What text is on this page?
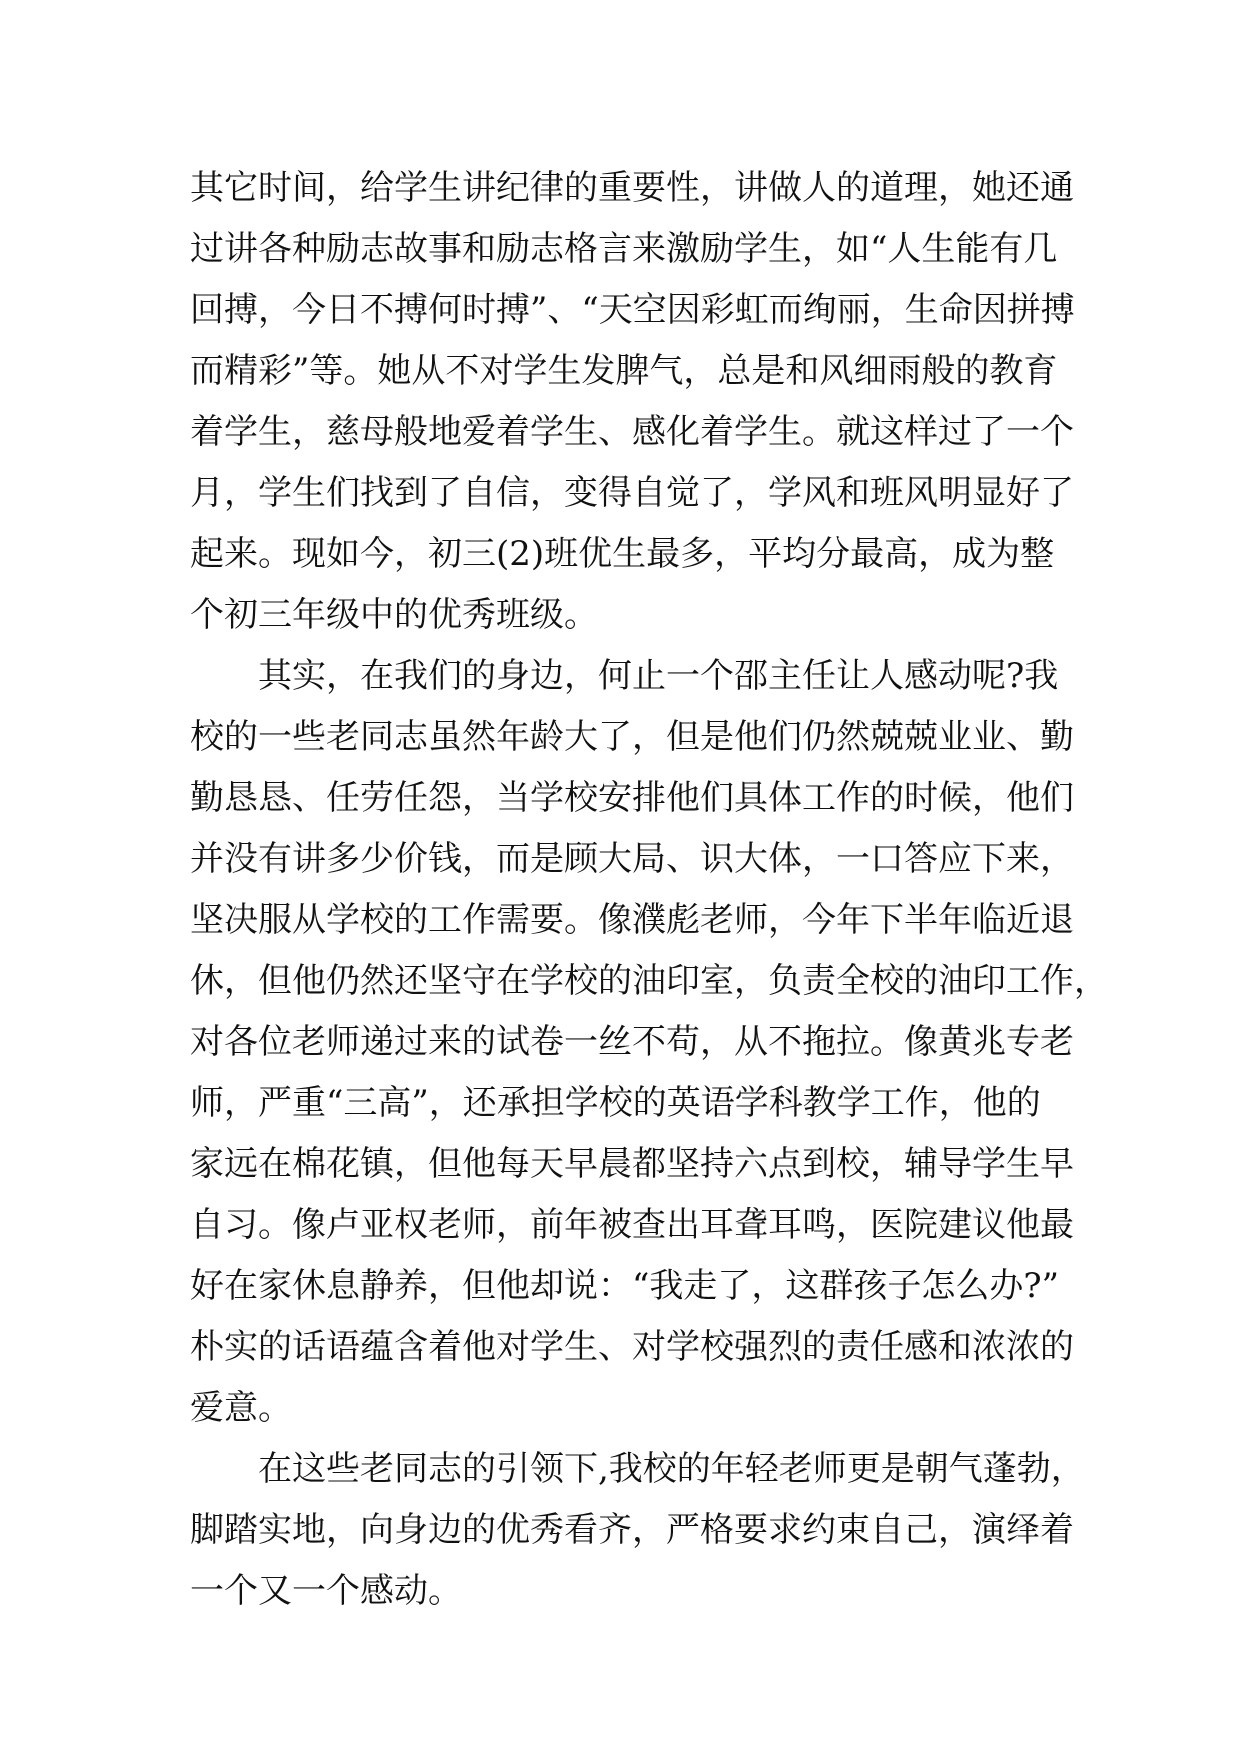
其它时间，给学生讲纪律的重要性，讲做人的道理，她还通
过讲各种励志故事和励志格言来激励学生，如“人生能有几
回搏，今日不搏何时搏”、“天空因彩虹而绚丽，生命因拼搏
而精彩”等。她从不对学生发脾气，总是和风细雨般的教育
着学生，慈母般地爱着学生、感化着学生。就这样过了一个
月，学生们找到了自信，变得自觉了，学风和班风明显好了
起来。现如今，初三(2)班优生最多，平均分最高，成为整
个初三年级中的优秀班级。
其实，在我们的身边，何止一个邵主任让人感动呢?我
校的一些老同志虽然年龄大了，但是他们仍然兢兢业业、勤
勤恳恳、任劳任怨，当学校安排他们具体工作的时候，他们
并没有讲多少价钱，而是顾大局、识大体，一口答应下来，
坚决服从学校的工作需要。像濮彪老师，今年下半年临近退
休，但他仍然还坚守在学校的油印室，负责全校的油印工作，
对各位老师递过来的试卷一丝不苟，从不拖拉。像黄兆专老
师，严重“三高”，还承担学校的英语学科教学工作，他的
家远在棉花镇，但他每天早晨都坚持六点到校，辅导学生早
自习。像卢亚权老师，前年被查出耳聋耳鸣，医院建议他最
好在家休息静养，但他却说：“我走了，这群孩子怎么办?”
朴实的话语蕴含着他对学生、对学校强烈的责任感和浓浓的
爱意。
在这些老同志的引领下,我校的年轻老师更是朝气蓬勃，
脚踏实地，向身边的优秀看齐，严格要求约束自己，演绎着
一个又一个感动。
